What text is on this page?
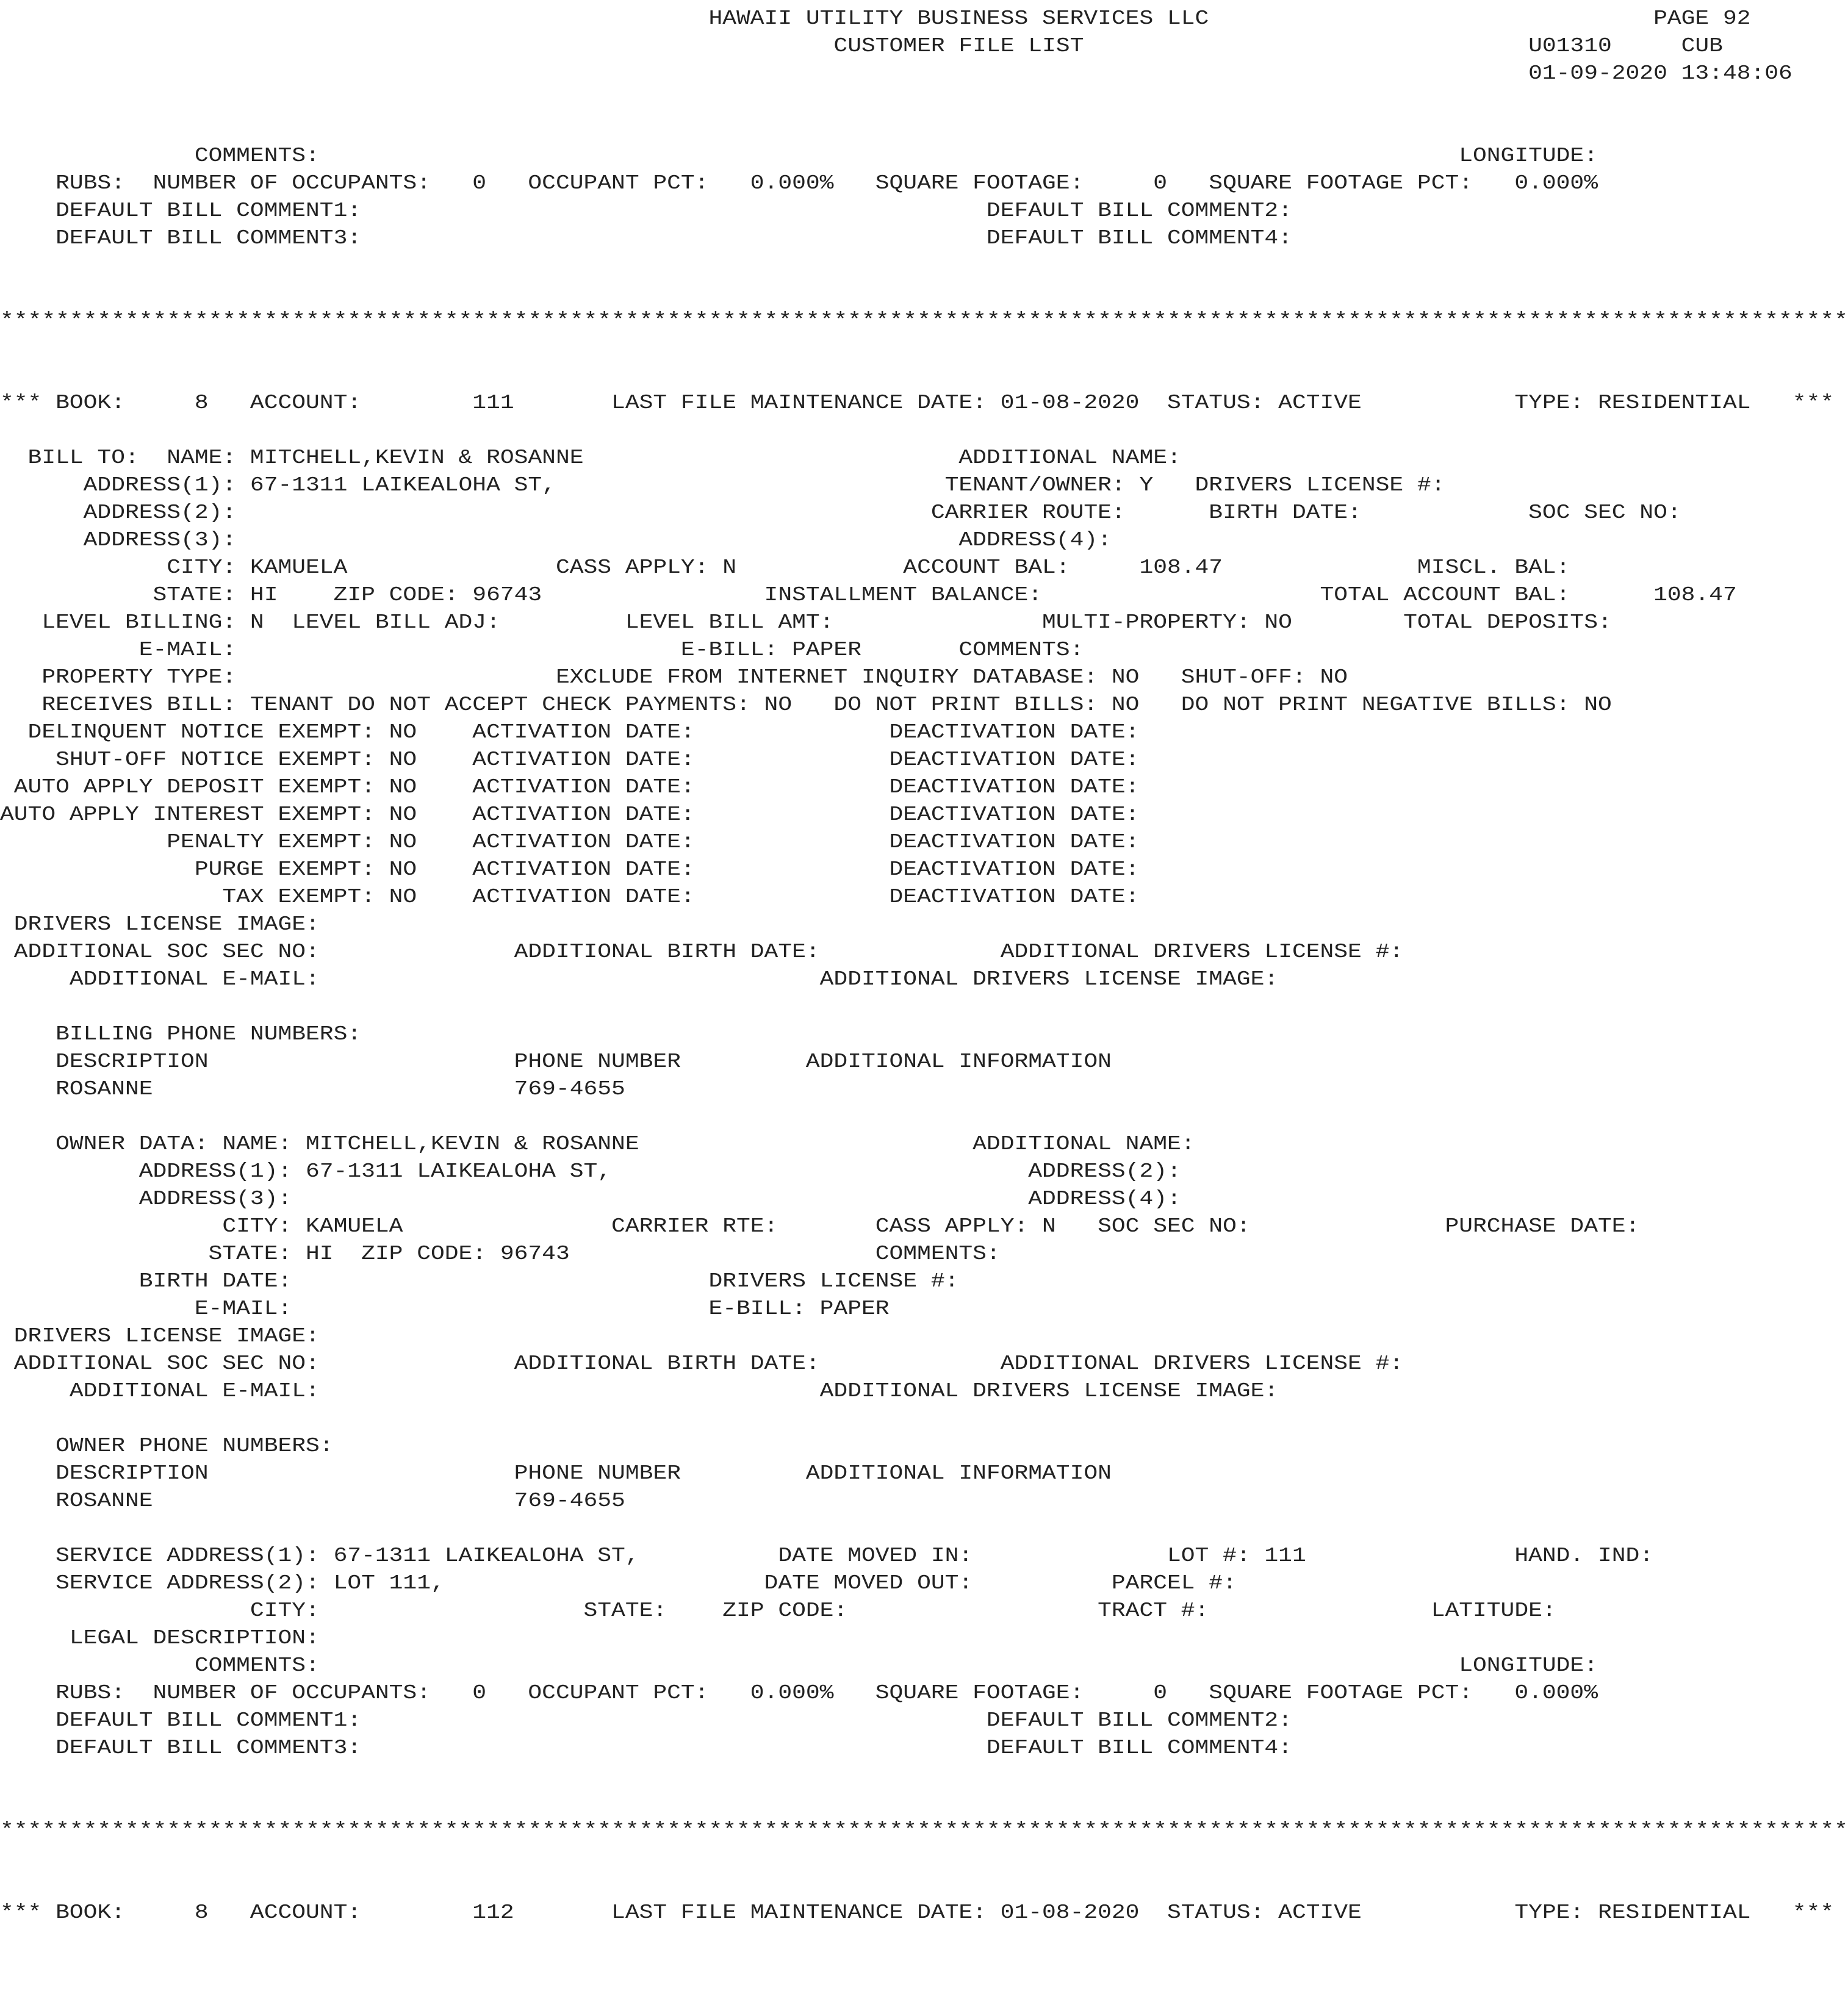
HAWAII UTILITY BUSINESS SERVICES LLC                                PAGE 92
CUSTOMER FILE LIST                                U01310     CUB
01-09-2020 13:48:06
COMMENTS:                                                                                  LONGITUDE:
RUBS:  NUMBER OF OCCUPANTS:   0   OCCUPANT PCT:   0.000%   SQUARE FOOTAGE:     0   SQUARE FOOTAGE PCT:   0.000%
DEFAULT BILL COMMENT1:                                             DEFAULT BILL COMMENT2:
DEFAULT BILL COMMENT3:                                             DEFAULT BILL COMMENT4:
*************************************************************************************************************************************
*** BOOK:     8   ACCOUNT:        111       LAST FILE MAINTENANCE DATE: 01-08-2020  STATUS: ACTIVE           TYPE: RESIDENTIAL   ***
BILL TO:  NAME: MITCHELL,KEVIN & ROSANNE                           ADDITIONAL NAME:
ADDRESS(1): 67-1311 LAIKEALOHA ST,                            TENANT/OWNER: Y   DRIVERS LICENSE #:
ADDRESS(2):                                                  CARRIER ROUTE:      BIRTH DATE:            SOC SEC NO:
ADDRESS(3):                                                    ADDRESS(4):
CITY: KAMUELA               CASS APPLY: N            ACCOUNT BAL:     108.47              MISCL. BAL:
STATE: HI    ZIP CODE: 96743                INSTALLMENT BALANCE:                    TOTAL ACCOUNT BAL:      108.47
LEVEL BILLING: N  LEVEL BILL ADJ:         LEVEL BILL AMT:               MULTI-PROPERTY: NO        TOTAL DEPOSITS:
E-MAIL:                                E-BILL: PAPER       COMMENTS:
PROPERTY TYPE:                       EXCLUDE FROM INTERNET INQUIRY DATABASE: NO   SHUT-OFF: NO
RECEIVES BILL: TENANT DO NOT ACCEPT CHECK PAYMENTS: NO   DO NOT PRINT BILLS: NO   DO NOT PRINT NEGATIVE BILLS: NO
DELINQUENT NOTICE EXEMPT: NO    ACTIVATION DATE:              DEACTIVATION DATE:
SHUT-OFF NOTICE EXEMPT: NO    ACTIVATION DATE:              DEACTIVATION DATE:
AUTO APPLY DEPOSIT EXEMPT: NO    ACTIVATION DATE:              DEACTIVATION DATE:
AUTO APPLY INTEREST EXEMPT: NO    ACTIVATION DATE:              DEACTIVATION DATE:
PENALTY EXEMPT: NO    ACTIVATION DATE:              DEACTIVATION DATE:
PURGE EXEMPT: NO    ACTIVATION DATE:              DEACTIVATION DATE:
TAX EXEMPT: NO    ACTIVATION DATE:              DEACTIVATION DATE:
DRIVERS LICENSE IMAGE:
ADDITIONAL SOC SEC NO:              ADDITIONAL BIRTH DATE:             ADDITIONAL DRIVERS LICENSE #:
ADDITIONAL E-MAIL:                                    ADDITIONAL DRIVERS LICENSE IMAGE:
BILLING PHONE NUMBERS:
DESCRIPTION                      PHONE NUMBER         ADDITIONAL INFORMATION
ROSANNE                          769-4655
OWNER DATA: NAME: MITCHELL,KEVIN & ROSANNE                        ADDITIONAL NAME:
ADDRESS(1): 67-1311 LAIKEALOHA ST,                              ADDRESS(2):
ADDRESS(3):                                                     ADDRESS(4):
CITY: KAMUELA               CARRIER RTE:       CASS APPLY: N   SOC SEC NO:              PURCHASE DATE:
STATE: HI  ZIP CODE: 96743                      COMMENTS:
BIRTH DATE:                              DRIVERS LICENSE #:
E-MAIL:                              E-BILL: PAPER
DRIVERS LICENSE IMAGE:
ADDITIONAL SOC SEC NO:              ADDITIONAL BIRTH DATE:             ADDITIONAL DRIVERS LICENSE #:
ADDITIONAL E-MAIL:                                    ADDITIONAL DRIVERS LICENSE IMAGE:
OWNER PHONE NUMBERS:
DESCRIPTION                      PHONE NUMBER         ADDITIONAL INFORMATION
ROSANNE                          769-4655
SERVICE ADDRESS(1): 67-1311 LAIKEALOHA ST,          DATE MOVED IN:              LOT #: 111               HAND. IND:
SERVICE ADDRESS(2): LOT 111,                       DATE MOVED OUT:          PARCEL #:
CITY:                   STATE:    ZIP CODE:                  TRACT #:                LATITUDE:
LEGAL DESCRIPTION:
COMMENTS:                                                                                  LONGITUDE:
RUBS:  NUMBER OF OCCUPANTS:   0   OCCUPANT PCT:   0.000%   SQUARE FOOTAGE:     0   SQUARE FOOTAGE PCT:   0.000%
DEFAULT BILL COMMENT1:                                             DEFAULT BILL COMMENT2:
DEFAULT BILL COMMENT3:                                             DEFAULT BILL COMMENT4:
*************************************************************************************************************************************
*** BOOK:     8   ACCOUNT:        112       LAST FILE MAINTENANCE DATE: 01-08-2020  STATUS: ACTIVE           TYPE: RESIDENTIAL   ***
